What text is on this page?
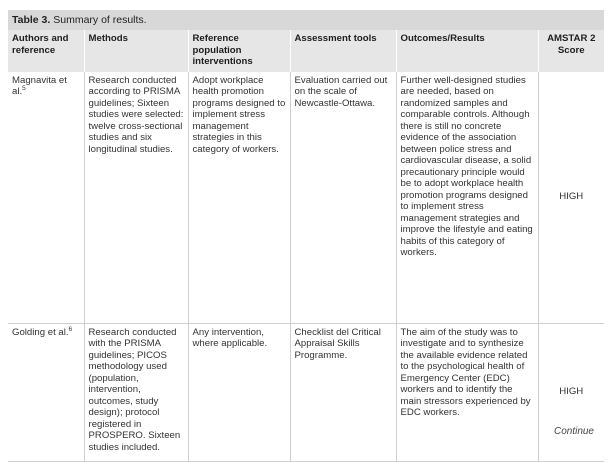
Table 3. Summary of results.
Authors and reference	Methods	Reference population interventions	Assessment tools	Outcomes/Results	AMSTAR 2 Score
Magnavita et al.$^5$	Research conducted according to PRISMA guidelines; Sixteen studies were selected: twelve cross-sectional studies and six longitudinal studies.	Adopt workplace health promotion programs designed to implement stress management strategies in this category of workers.	Evaluation carried out on the scale of Newcastle-Ottawa.	Further well-designed studies are needed, based on randomized samples and comparable controls. Although there is still no concrete evidence of the association between police stress and cardiovascular disease, a solid precautionary principle would be to adopt workplace health promotion programs designed to implement stress management strategies and improve the lifestyle and eating habits of this category of workers.	HIGH
Golding et al.$^6$	Research conducted with the PRISMA guidelines; PICOS methodology used (population, intervention, outcomes, study design); protocol registered in PROSPERO. Sixteen studies included.	Any intervention, where applicable.	Checklist del Critical Appraisal Skills Programme.	The aim of the study was to investigate and to synthesize the available evidence related to the psychological health of Emergency Center (EDC) workers and to identify the main stressors experienced by EDC workers.	HIGH
Continue
